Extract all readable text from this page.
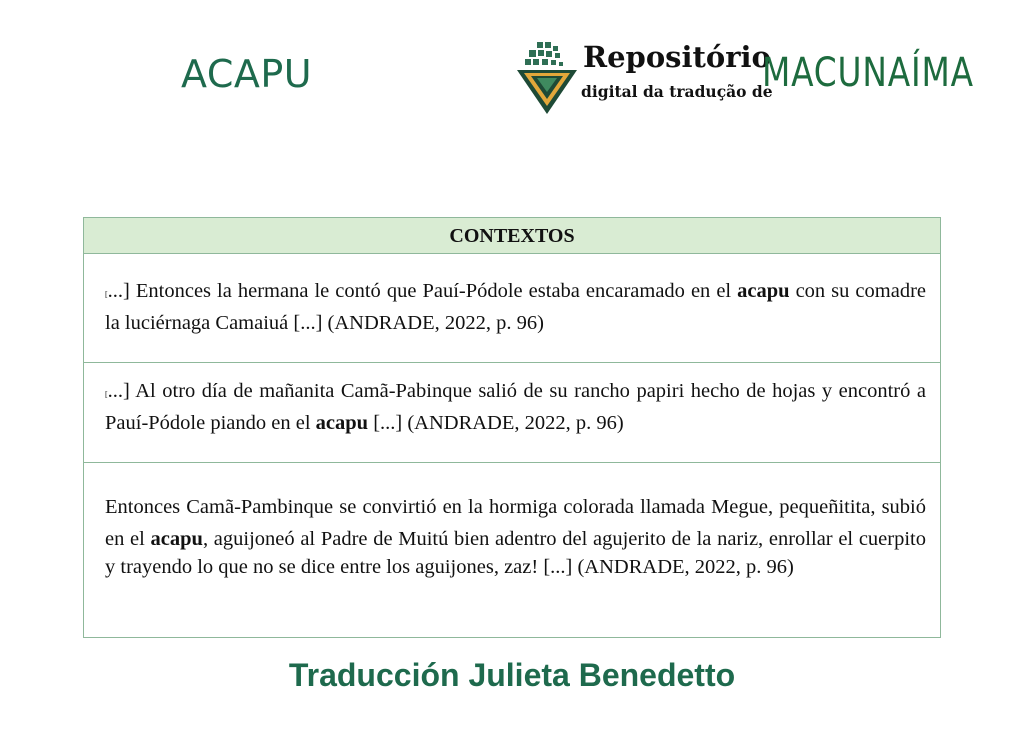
ACAPU	Repositório
digital da tradução de
MACUNAÍMA
CONTEXTOS
[...] Entonces la hermana le contó que Pauí-Pódole estaba encaramado en el acapu con su comadre la luciérnaga Camaiuá [...] (ANDRADE, 2022, p. 96)
[...] Al otro día de mañanita Camã-Pabinque salió de su rancho papiri hecho de hojas y encontró a Pauí-Pódole piando en el acapu [...] (ANDRADE, 2022, p. 96)
Entonces Camã-Pambinque se convirtió en la hormiga colorada llamada Megue, pequeñitita, subió en el acapu, aguijoneó al Padre de Muitú bien adentro del agujerito de la nariz, enrollar el cuerpito y trayendo lo que no se dice entre los aguijones, zaz! [...] (ANDRADE, 2022, p. 96)
Traducción Julieta Benedetto
